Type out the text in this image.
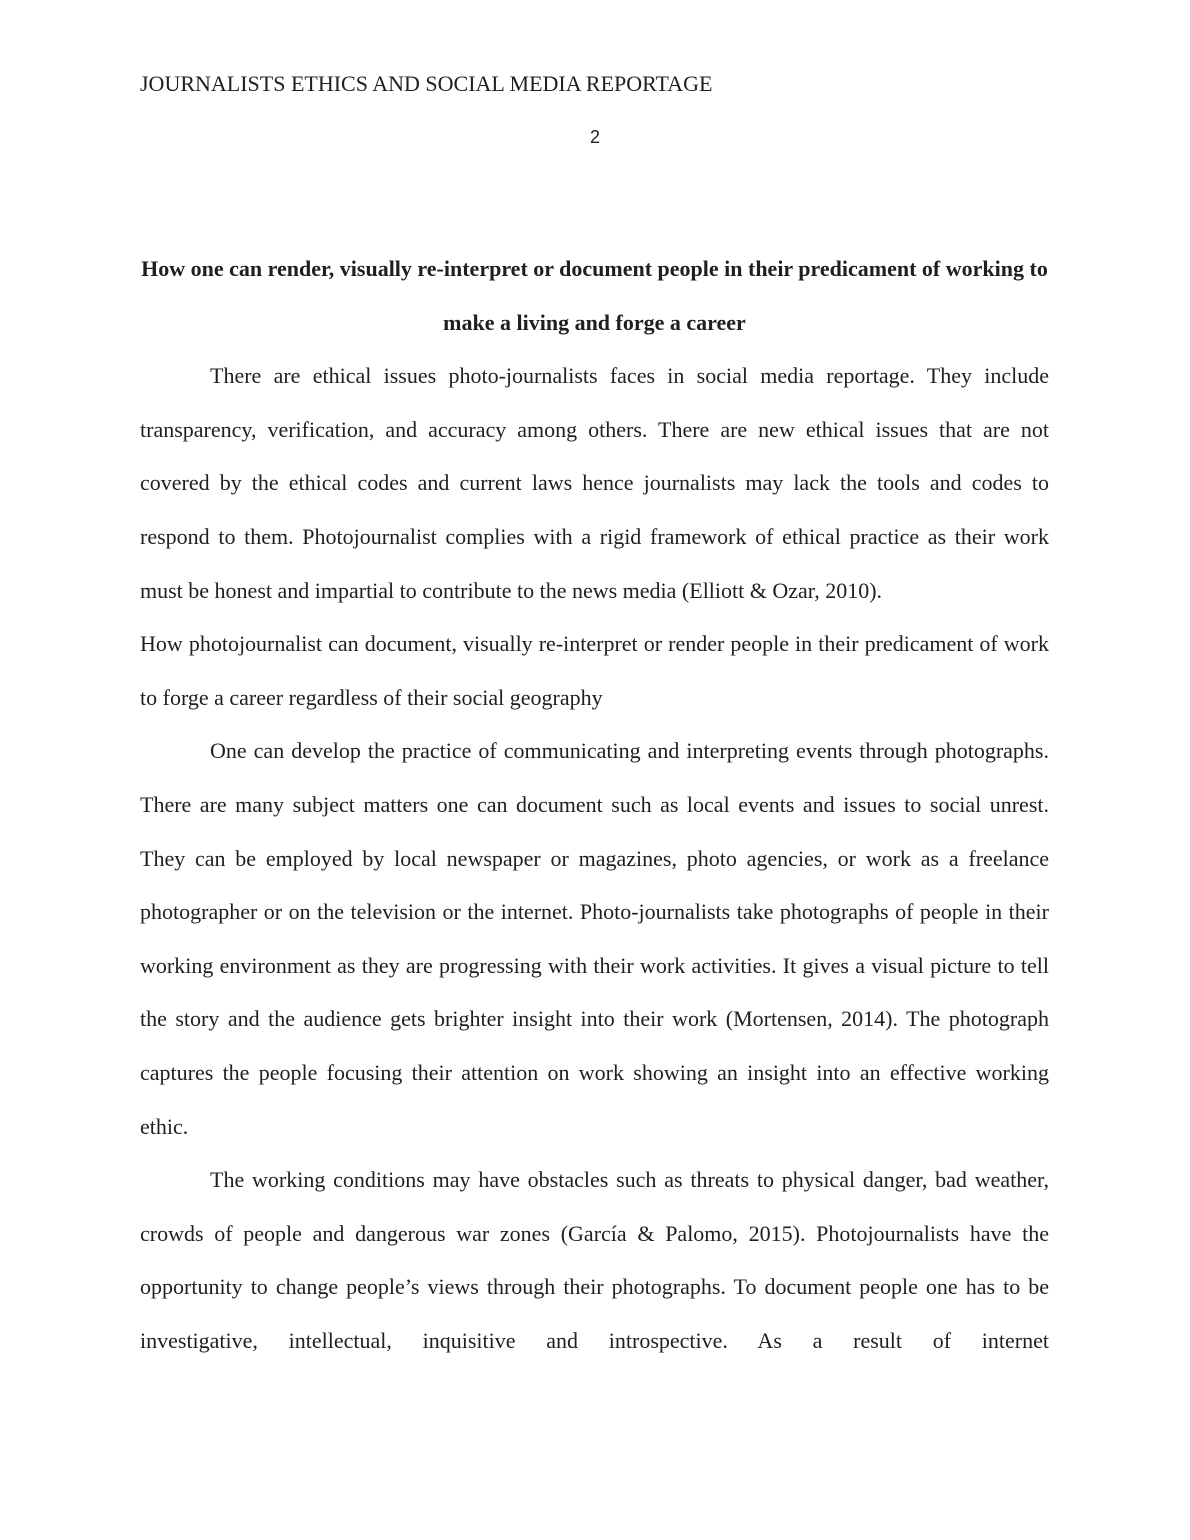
JOURNALISTS ETHICS AND SOCIAL MEDIA REPORTAGE
2

How one can render, visually re-interpret or document people in their predicament of working to make a living and forge a career

There are ethical issues photo-journalists faces in social media reportage. They include transparency, verification, and accuracy among others. There are new ethical issues that are not covered by the ethical codes and current laws hence journalists may lack the tools and codes to respond to them. Photojournalist complies with a rigid framework of ethical practice as their work must be honest and impartial to contribute to the news media (Elliott & Ozar, 2010).

How photojournalist can document, visually re-interpret or render people in their predicament of work to forge a career regardless of their social geography

One can develop the practice of communicating and interpreting events through photographs. There are many subject matters one can document such as local events and issues to social unrest. They can be employed by local newspaper or magazines, photo agencies, or work as a freelance photographer or on the television or the internet. Photo-journalists take photographs of people in their working environment as they are progressing with their work activities. It gives a visual picture to tell the story and the audience gets brighter insight into their work (Mortensen, 2014). The photograph captures the people focusing their attention on work showing an insight into an effective working ethic.

The working conditions may have obstacles such as threats to physical danger, bad weather, crowds of people and dangerous war zones (García & Palomo, 2015). Photojournalists have the opportunity to change people’s views through their photographs. To document people one has to be investigative, intellectual, inquisitive and introspective. As a result of internet
